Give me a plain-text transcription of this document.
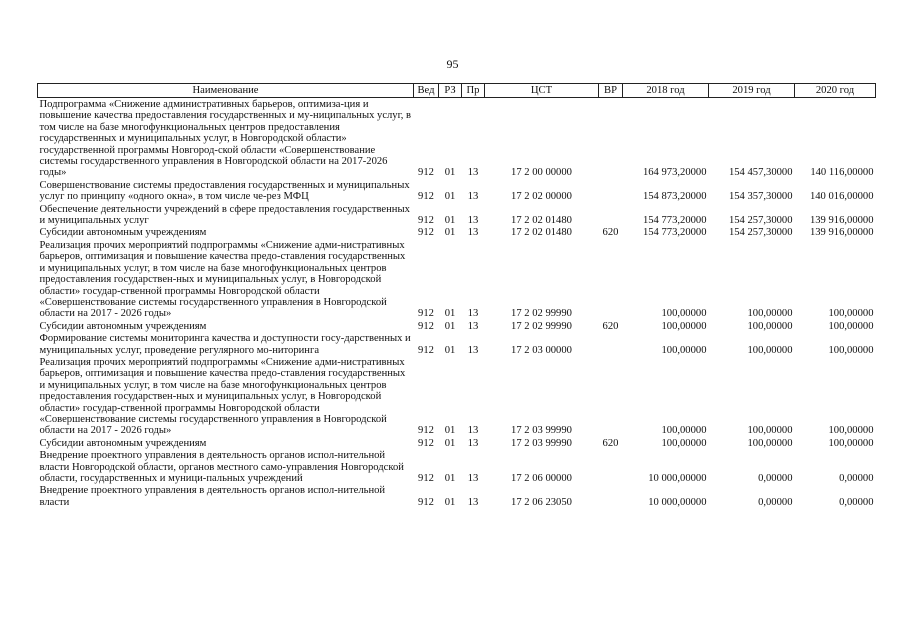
95
Наименование	Вед	РЗ	Пр	ЦСТ	ВР	2018 год	2019 год	2020 год
Подпрограмма «Снижение административных барьеров, оптимиза-ция и повышение качества предоставления государственных и му-ниципальных услуг, в том числе на базе многофункциональных центров предоставления государственных и муниципальных услуг, в Новгородской области» государственной программы Новгород-ской области «Совершенствование системы государственного управления в Новгородской области на 2017-2026 годы»	912	01	13	17 2 00 00000		164 973,20000	154 457,30000	140 116,00000
Совершенствование системы предоставления государственных и муниципальных услуг по принципу «одного окна», в том числе че-рез МФЦ	912	01	13	17 2 02 00000		154 873,20000	154 357,30000	140 016,00000
Обеспечение деятельности учреждений в сфере предоставления государственных и муниципальных услуг	912	01	13	17 2 02 01480		154 773,20000	154 257,30000	139 916,00000
Субсидии автономным учреждениям	912	01	13	17 2 02 01480	620	154 773,20000	154 257,30000	139 916,00000
Реализация прочих мероприятий подпрограммы «Снижение адми-нистративных барьеров, оптимизация и повышение качества предо-ставления государственных и муниципальных услуг, в том числе на базе многофункциональных центров предоставления государствен-ных и муниципальных услуг, в Новгородской области» государ-ственной программы Новгородской области «Совершенствование системы государственного управления в Новгородской области на 2017 - 2026 годы»	912	01	13	17 2 02 99990		100,00000	100,00000	100,00000
Субсидии автономным учреждениям	912	01	13	17 2 02 99990	620	100,00000	100,00000	100,00000
Формирование системы мониторинга качества и доступности госу-дарственных и муниципальных услуг, проведение регулярного мо-ниторинга	912	01	13	17 2 03 00000		100,00000	100,00000	100,00000
Реализация прочих мероприятий подпрограммы «Снижение адми-нистративных барьеров, оптимизация и повышение качества предо-ставления государственных и муниципальных услуг, в том числе на базе многофункциональных центров предоставления государствен-ных и муниципальных услуг, в Новгородской области» государ-ственной программы Новгородской области «Совершенствование системы государственного управления в Новгородской области на 2017 - 2026 годы»	912	01	13	17 2 03 99990		100,00000	100,00000	100,00000
Субсидии автономным учреждениям	912	01	13	17 2 03 99990	620	100,00000	100,00000	100,00000
Внедрение проектного управления в деятельность органов испол-нительной власти Новгородской области, органов местного само-управления Новгородской области, государственных и муници-пальных учреждений	912	01	13	17 2 06 00000		10 000,00000	0,00000	0,00000
Внедрение проектного управления в деятельность органов испол-нительной власти	912	01	13	17 2 06 23050		10 000,00000	0,00000	0,00000
